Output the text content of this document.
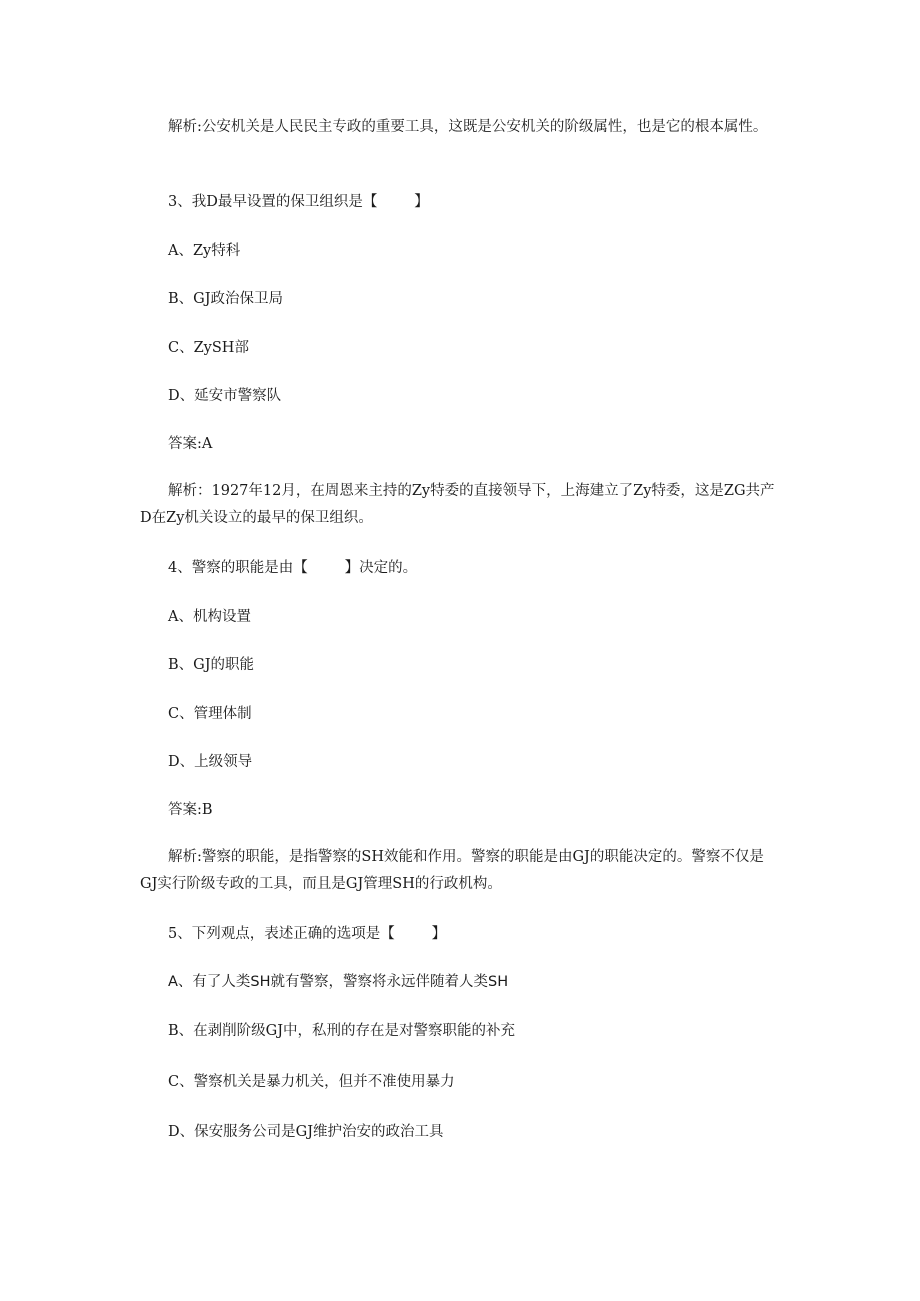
解析:公安机关是人民民主专政的重要工具，这既是公安机关的阶级属性，也是它的根本属性。

3、我D最早设置的保卫组织是【        】

A、Zy特科

B、GJ政治保卫局

C、ZySH部

D、延安市警察队

答案:A

解析：1927年12月，在周恩来主持的Zy特委的直接领导下，上海建立了Zy特委，这是ZG共产D在Zy机关设立的最早的保卫组织。

4、警察的职能是由【        】决定的。

A、机构设置

B、GJ的职能

C、管理体制

D、上级领导

答案:B

解析:警察的职能，是指警察的SH效能和作用。警察的职能是由GJ的职能决定的。警察不仅是GJ实行阶级专政的工具，而且是GJ管理SH的行政机构。

5、下列观点，表述正确的选项是【        】

A、有了人类SH就有警察，警察将永远伴随着人类SH

B、在剥削阶级GJ中，私刑的存在是对警察职能的补充

C、警察机关是暴力机关，但并不准使用暴力

D、保安服务公司是GJ维护治安的政治工具
